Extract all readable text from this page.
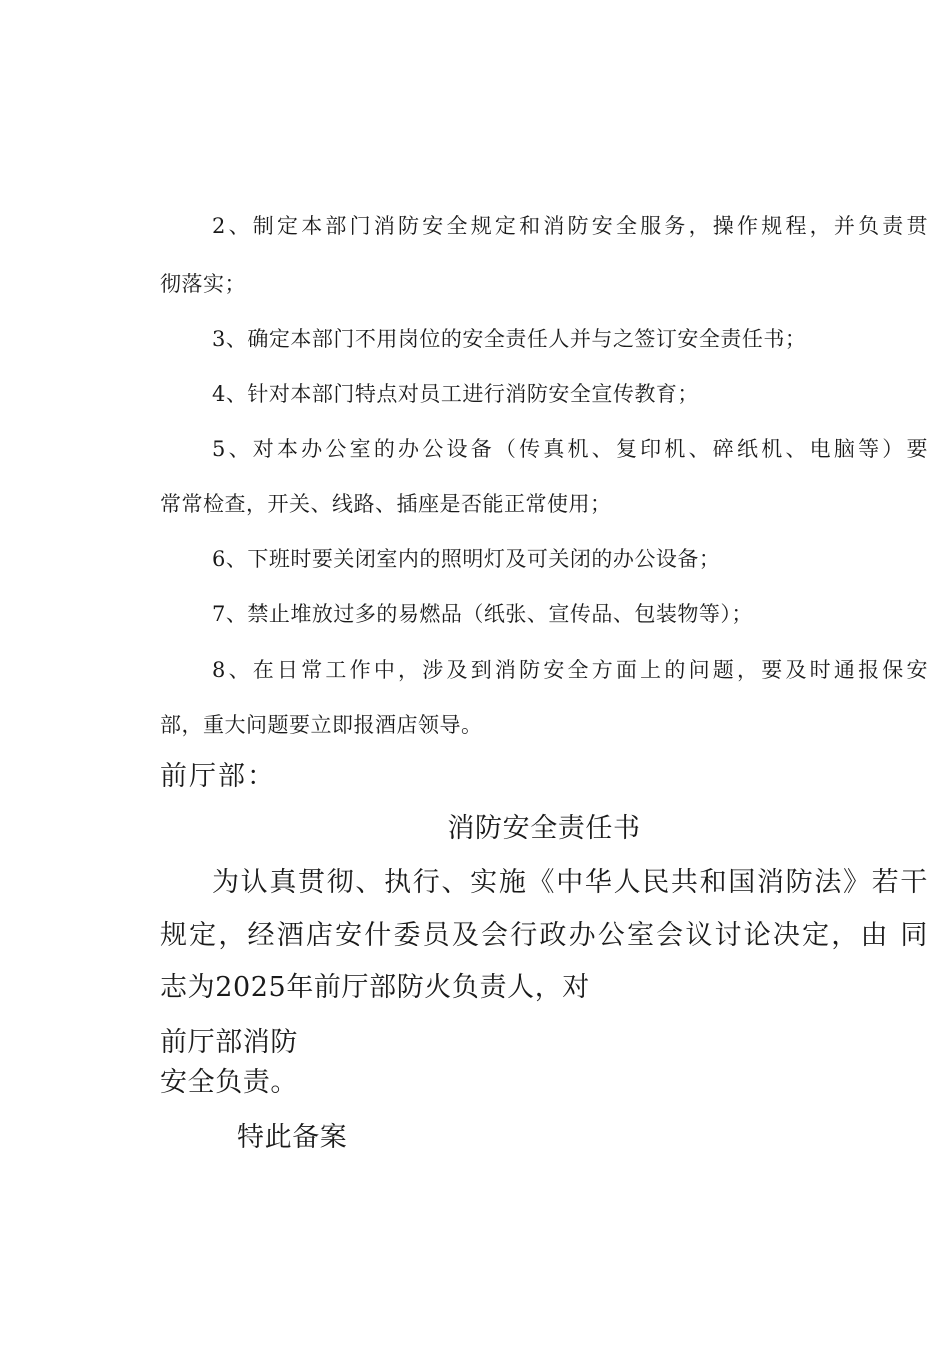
2、制定本部门消防安全规定和消防安全服务，操作规程，并负责贯

彻落实；

3、确定本部门不用岗位的安全责任人并与之签订安全责任书；

4、针对本部门特点对员工进行消防安全宣传教育；

5、对本办公室的办公设备（传真机、复印机、碎纸机、电脑等）要

常常检查，开关、线路、插座是否能正常使用；

6、下班时要关闭室内的照明灯及可关闭的办公设备；

7、禁止堆放过多的易燃品（纸张、宣传品、包装物等）；

8、在日常工作中，涉及到消防安全方面上的问题，要及时通报保安

部，重大问题要立即报酒店领导。

前厅部：

消防安全责任书

为认真贯彻、执行、实施《中华人民共和国消防法》若干

规定，经酒店安什委员及会行政办公室会议讨论决定，由 同

志为2025年前厅部防火负责人，对

前厅部消防

安全负责。

特此备案
